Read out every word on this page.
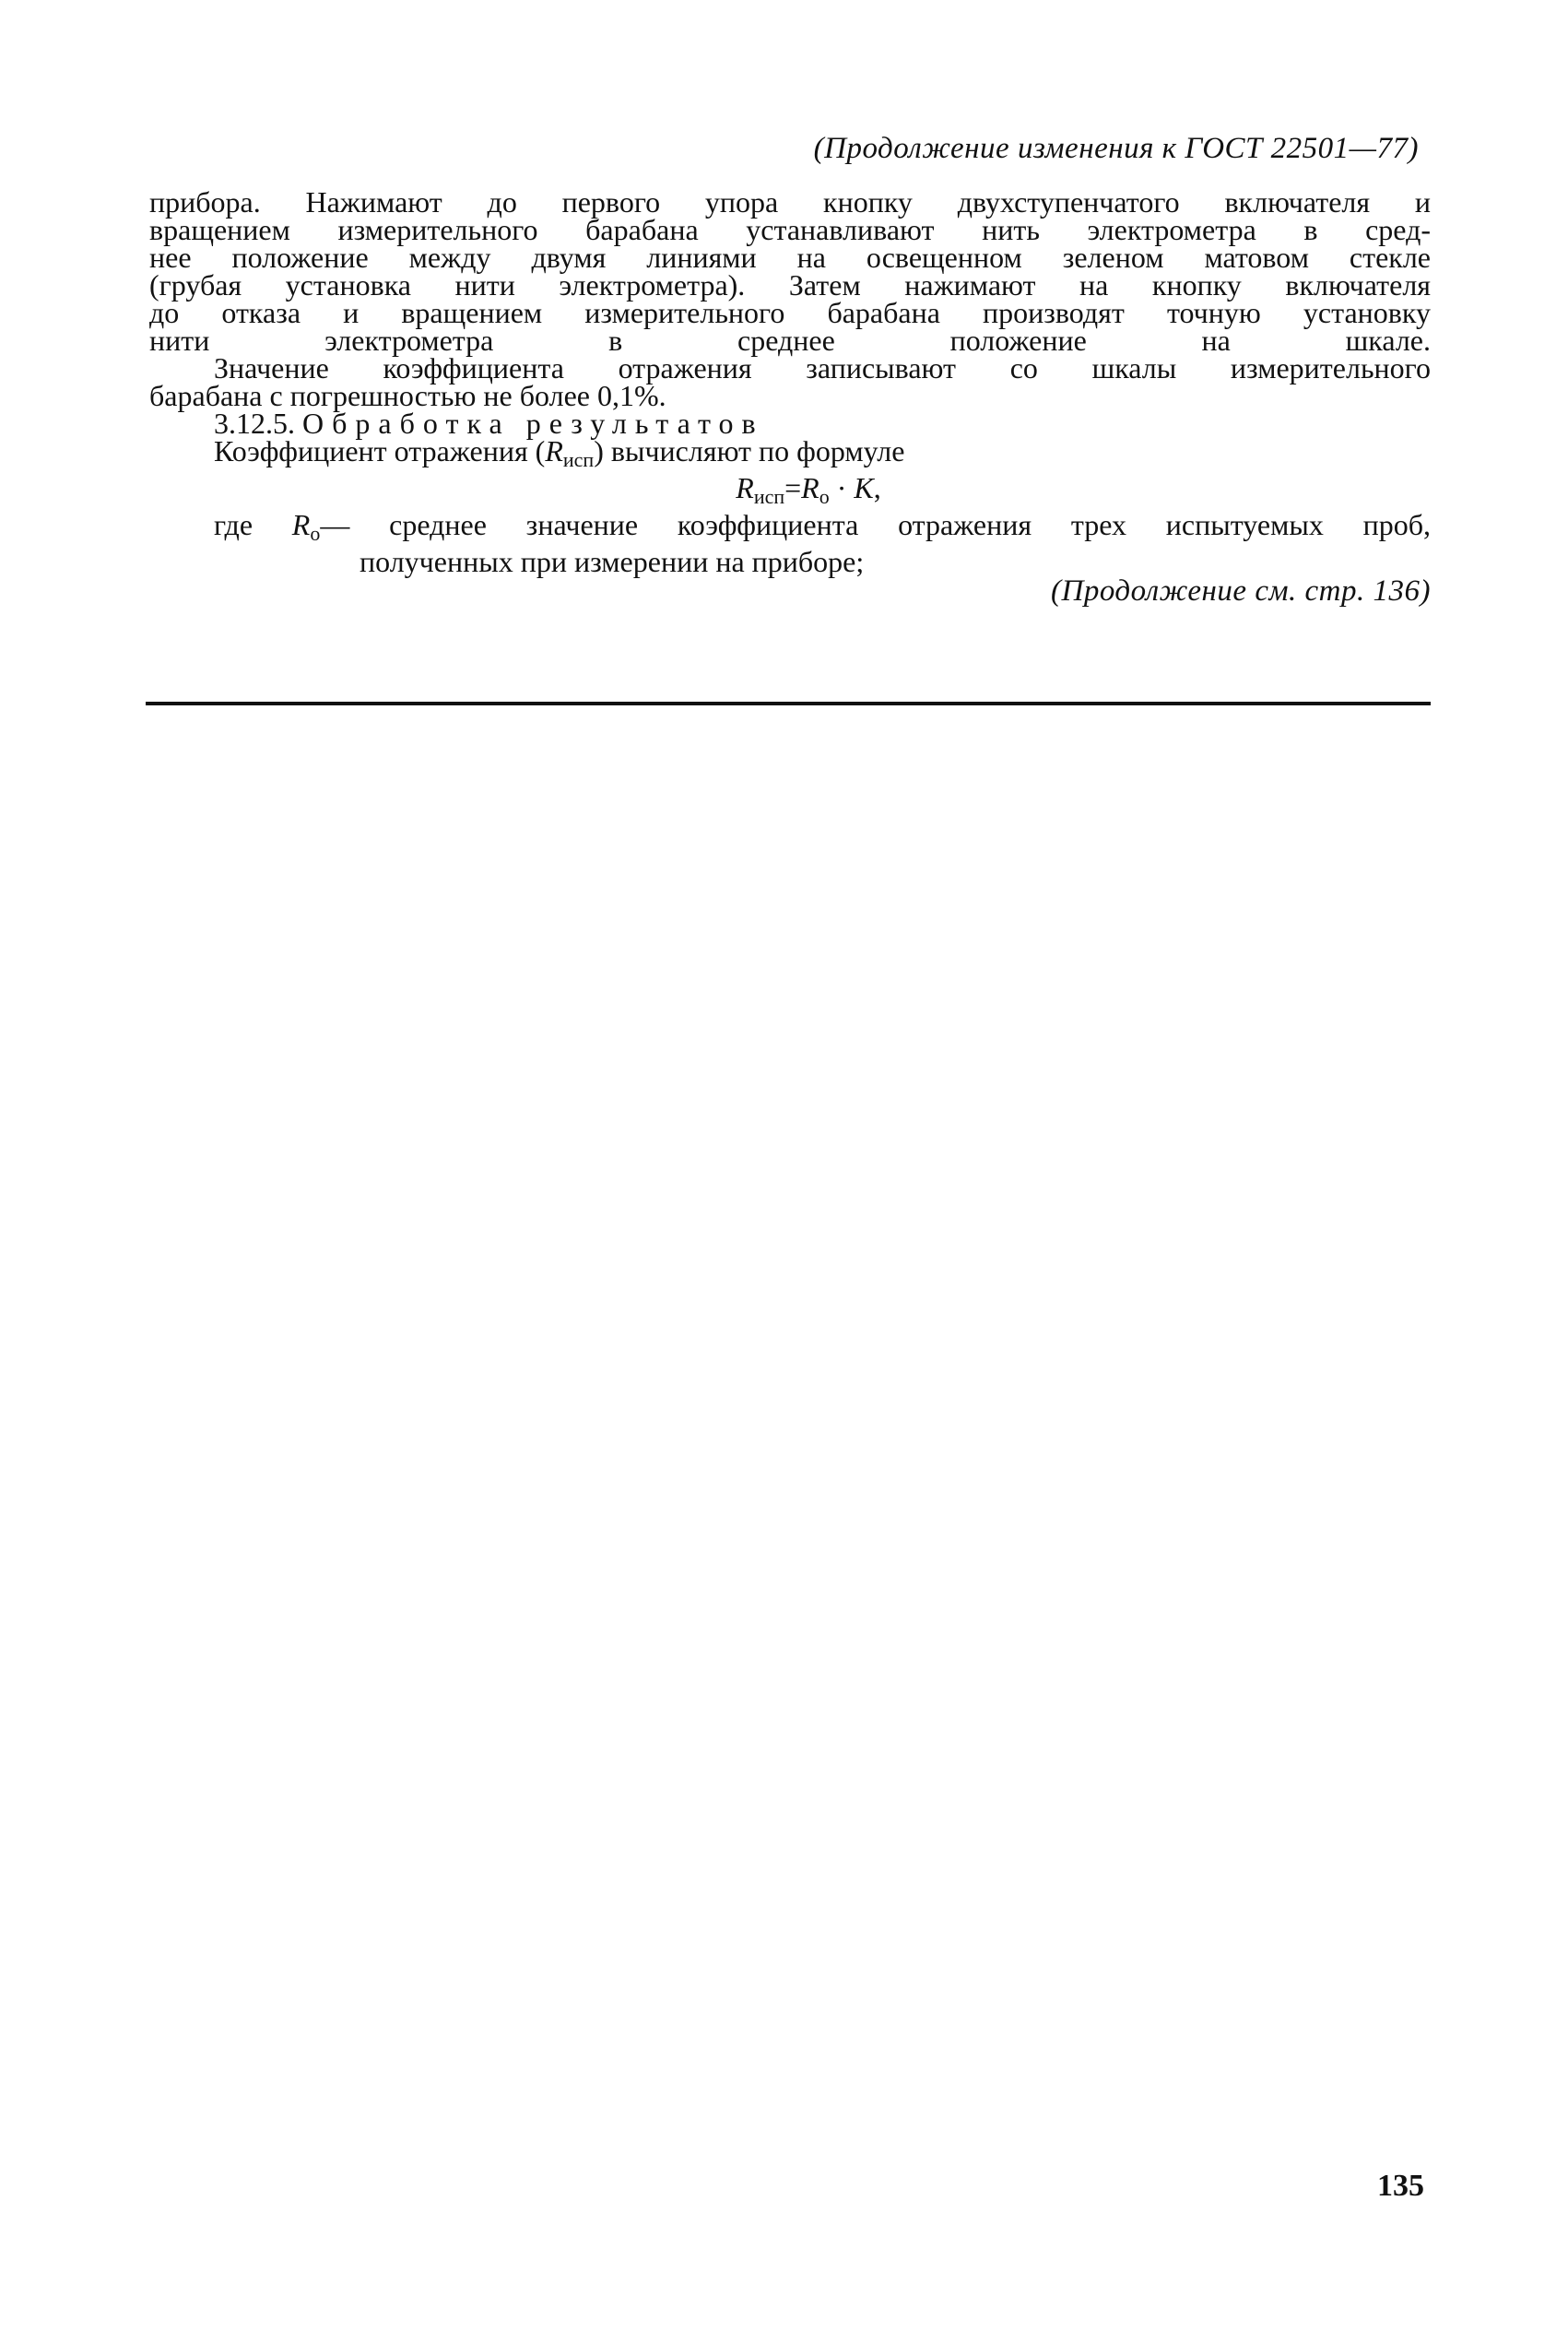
(Продолжение изменения к ГОСТ 22501—77)
прибора. Нажимают до первого упора кнопку двухступенчатого включателя и
вращением измерительного барабана устанавливают нить электрометра в сред-
нее положение между двумя линиями на освещенном зеленом матовом стекле
(грубая установка нити электрометра). Затем нажимают на кнопку включателя
до отказа и вращением измерительного барабана производят точную установку
нити электрометра в среднее положение на шкале.
Значение коэффициента отражения записывают со шкалы измерительного
барабана с погрешностью не более 0,1%.
3.12.5. Обработка результатов
Коэффициент отражения (Rисп) вычисляют по формуле
$R_{исп}=R_о \cdot K$,
где Rо— среднее значение коэффициента отражения трех испытуемых проб,
полученных при измерении на приборе;
(Продолжение см. стр. 136)
135
